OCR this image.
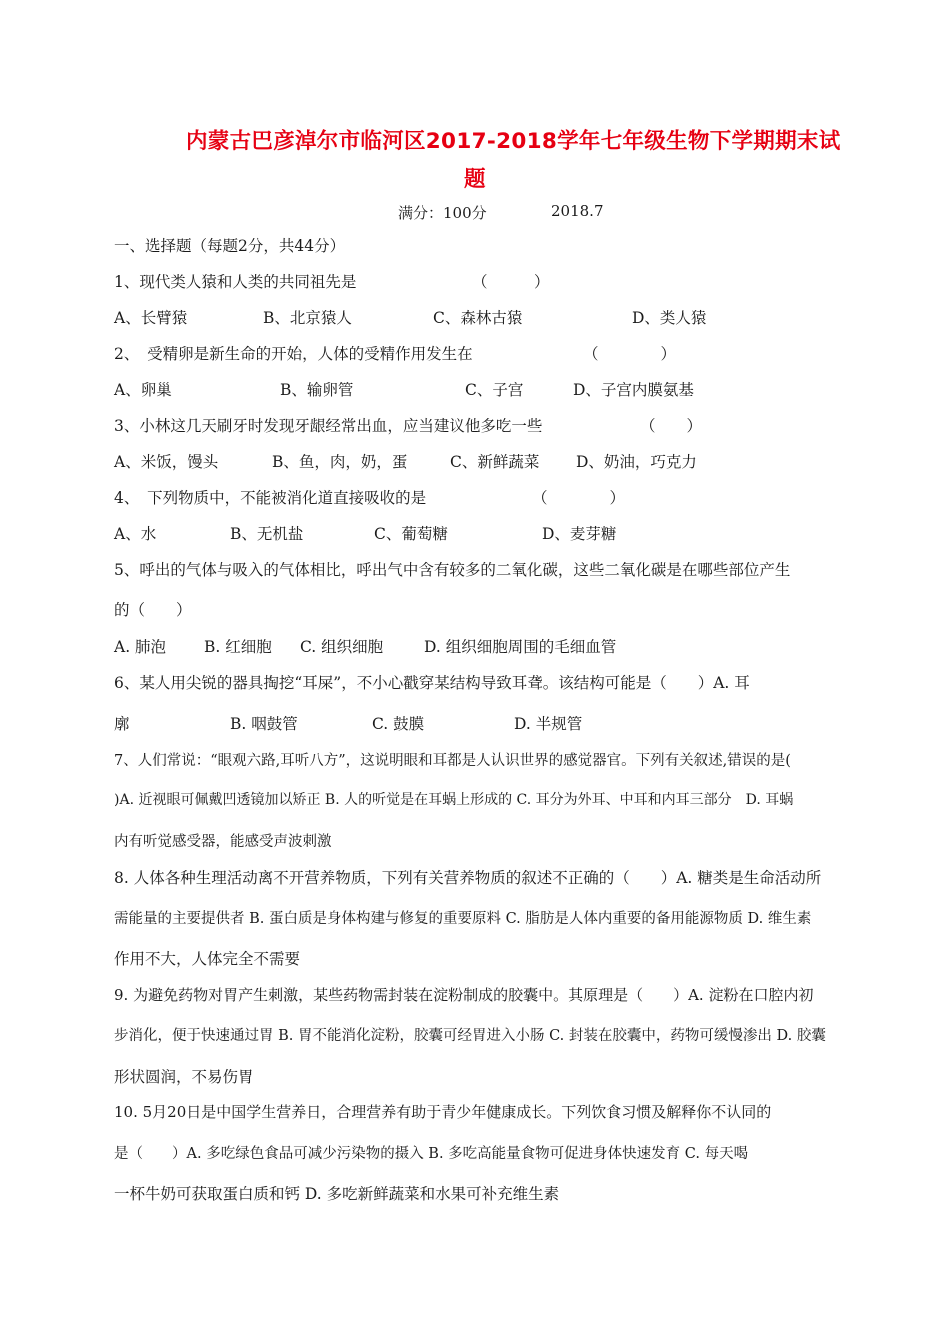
内蒙古巴彦淖尔市临河区2017-2018学年七年级生物下学期期末试
题
满分：100分	2018.7
一、选择题（每题2分，共44分）
1、现代类人猿和人类的共同祖先是	（　　　）
A、长臂猿	B、北京猿人	C、森林古猿	D、类人猿
2、　受精卵是新生命的开始，人体的受精作用发生在	（　　　　）
A、卵巢	B、输卵管	C、子宫	D、子宫内膜氨基
3、小林这几天刷牙时发现牙龈经常出血，应当建议他多吃一些	（　　）
A、米饭，馒头	B、鱼，肉，奶，蛋	C、新鲜蔬菜 D、奶油，巧克力
4、　下列物质中，不能被消化道直接吸收的是	（　　　　）
A、水	B、无机盐	C、葡萄糖	D、麦芽糖
5、呼出的气体与吸入的气体相比，呼出气中含有较多的二氧化碳，这些二氧化碳是在哪些部位产生
的（　　）
A. 肺泡 B. 红细胞 C. 组织细胞	D. 组织细胞周围的毛细血管
6、某人用尖锐的器具掏挖“耳屎”，不小心戳穿某结构导致耳聋。该结构可能是（　　）A. 耳
廓	B. 咽鼓管	C. 鼓膜	D. 半规管
7、人们常说：“眼观六路,耳听八方”，这说明眼和耳都是人认识世界的感觉器官。下列有关叙述,错误的是(
)A. 近视眼可佩戴凹透镜加以矫正 B. 人的听觉是在耳蜗上形成的 C. 耳分为外耳、中耳和内耳三部分　D. 耳蜗
内有听觉感受器，能感受声波刺激
8. 人体各种生理活动离不开营养物质，下列有关营养物质的叙述不正确的（　　）A. 糖类是生命活动所
需能量的主要提供者 B. 蛋白质是身体构建与修复的重要原料 C. 脂肪是人体内重要的备用能源物质 D. 维生素
作用不大，人体完全不需要
9. 为避免药物对胃产生刺激，某些药物需封装在淀粉制成的胶囊中。其原理是（　　）A. 淀粉在口腔内初
步消化，便于快速通过胃 B. 胃不能消化淀粉，胶囊可经胃进入小肠 C. 封装在胶囊中，药物可缓慢渗出 D. 胶囊
形状圆润，不易伤胃
10. 5月20日是中国学生营养日，合理营养有助于青少年健康成长。下列饮食习惯及解释你不认同的
是（　　）A. 多吃绿色食品可减少污染物的摄入 B. 多吃高能量食物可促进身体快速发育 C. 每天喝
一杯牛奶可获取蛋白质和钙 D. 多吃新鲜蔬菜和水果可补充维生素
